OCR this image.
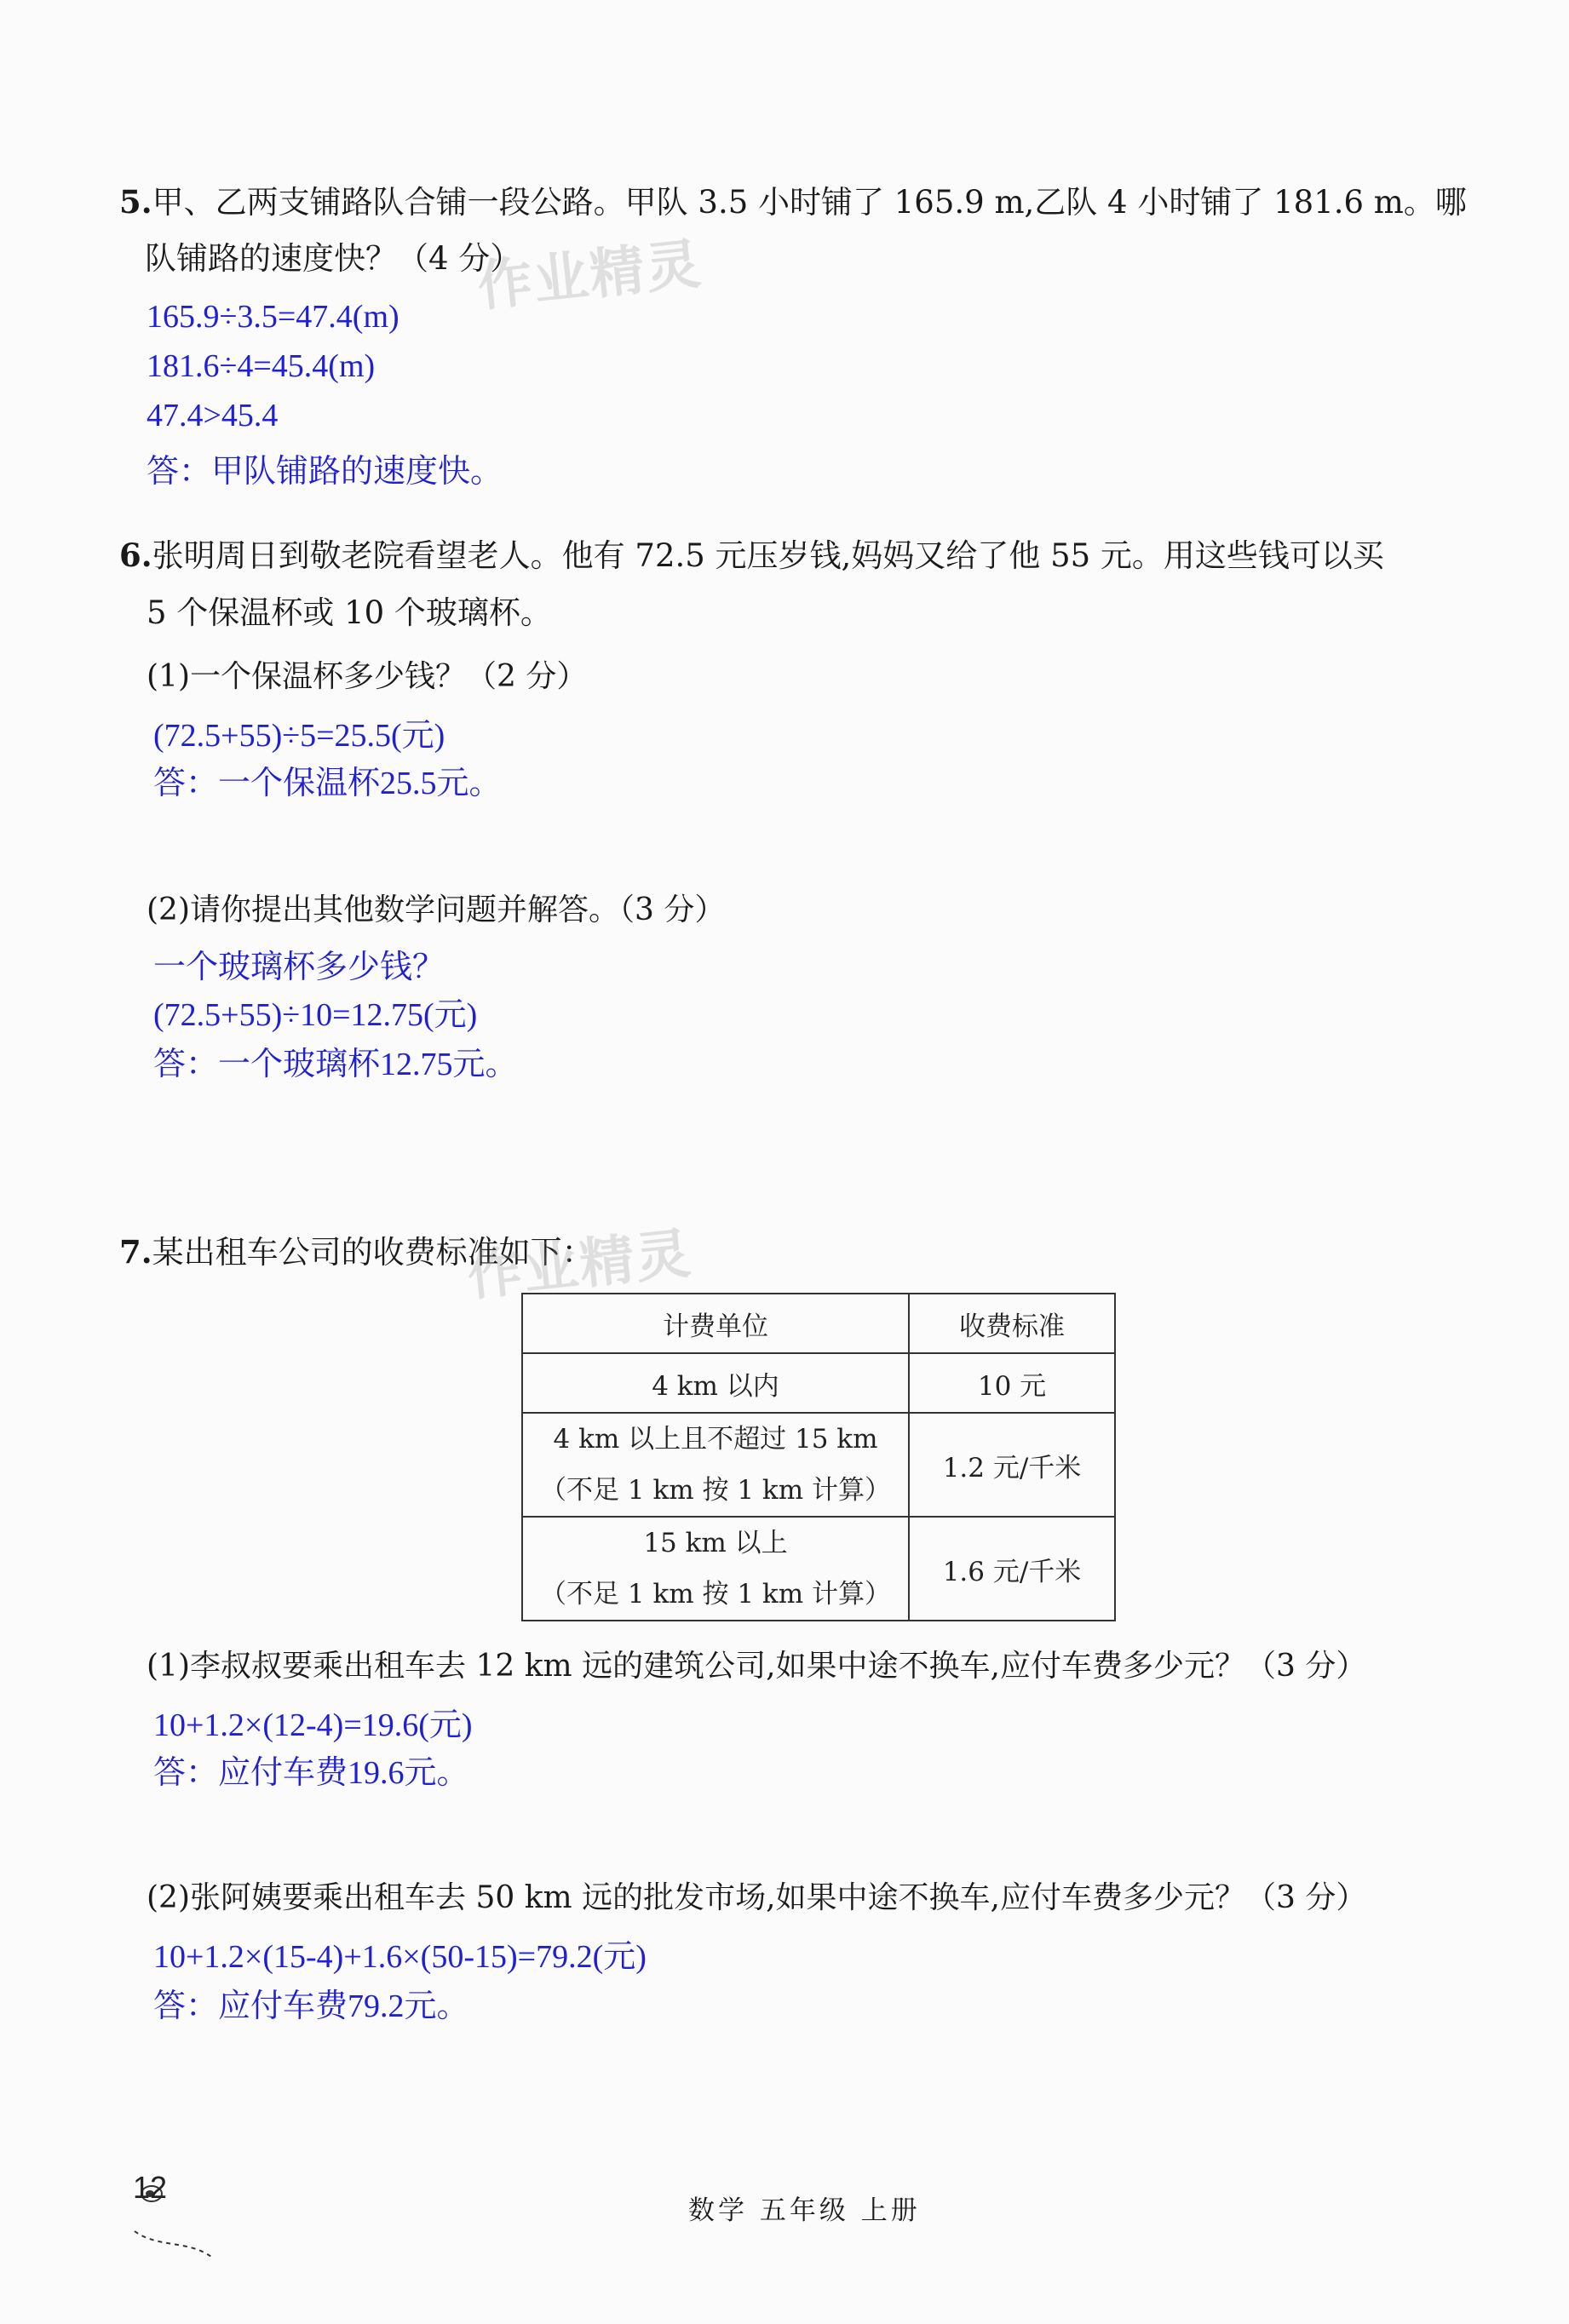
5.甲、乙两支铺路队合铺一段公路。甲队 3.5 小时铺了 165.9 m,乙队 4 小时铺了 181.6 m。哪
队铺路的速度快？（4 分）
作业精灵
165.9÷3.5=47.4(m)
181.6÷4=45.4(m)
47.4>45.4
答：甲队铺路的速度快。
6.张明周日到敬老院看望老人。他有 72.5 元压岁钱,妈妈又给了他 55 元。用这些钱可以买
5 个保温杯或 10 个玻璃杯。
(1)一个保温杯多少钱？（2 分）
(72.5+55)÷5=25.5(元)
答：一个保温杯25.5元。
(2)请你提出其他数学问题并解答。（3 分）
一个玻璃杯多少钱？
(72.5+55)÷10=12.75(元)
答：一个玻璃杯12.75元。
7.某出租车公司的收费标准如下：
作业精灵
计费单位	收费标准
4 km 以内	10 元

4 km 以上且不超过 15 km
（不足 1 km 按 1 km 计算）	1.2 元/千米

15 km 以上
（不足 1 km 按 1 km 计算）	1.6 元/千米
(1)李叔叔要乘出租车去 12 km 远的建筑公司,如果中途不换车,应付车费多少元？（3 分）
10+1.2×(12-4)=19.6(元)
答：应付车费19.6元。
(2)张阿姨要乘出租车去 50 km 远的批发市场,如果中途不换车,应付车费多少元？（3 分）
10+1.2×(15-4)+1.6×(50-15)=79.2(元)
答：应付车费79.2元。
12
数学 五年级 上册
